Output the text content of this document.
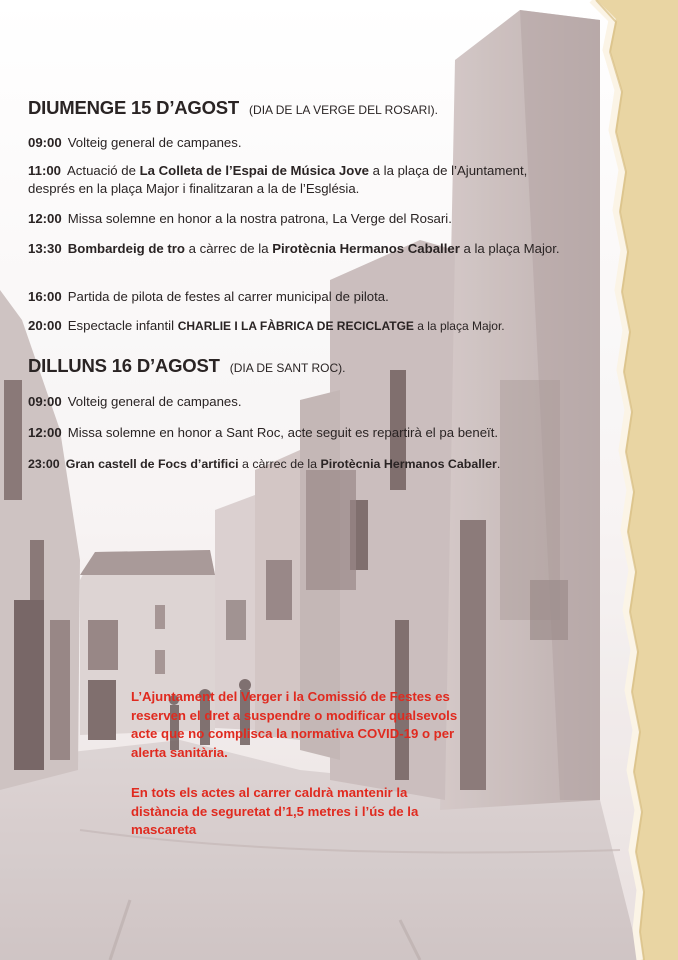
DIUMENGE 15 D’AGOST (DIA DE LA VERGE DEL ROSARI).
09:00 Volteig general de campanes.
11:00 Actuació de La Colleta de l’Espai de Música Jove a la plaça de l’Ajuntament, després en la plaça Major i finalitzaran a la de l’Església.
12:00 Missa solemne en honor a la nostra patrona, La Verge del Rosari.
13:30 Bombardeig de tro a càrrec de la Pirotècnia Hermanos Caballer a la plaça Major.
16:00 Partida de pilota de festes al carrer municipal de pilota.
20:00 Espectacle infantil CHARLIE I LA FÀBRICA DE RECICLATGE a la plaça Major.
DILLUNS 16 D’AGOST (DIA DE SANT ROC).
09:00 Volteig general de campanes.
12:00 Missa solemne en honor a Sant Roc, acte seguit es repartirà el pa beneït.
23:00 Gran castell de Focs d’artifici a càrrec de la Pirotècnia Hermanos Caballer.
L’Ajuntament del Verger i la Comissió de Festes es reserven el dret a suspendre o modificar qualsevols acte que no complisca la normativa COVID-19 o per alerta sanitària.
En tots els actes al carrer caldrà mantenir la distància de seguretat d’1,5 metres i l’ús de la mascareta
